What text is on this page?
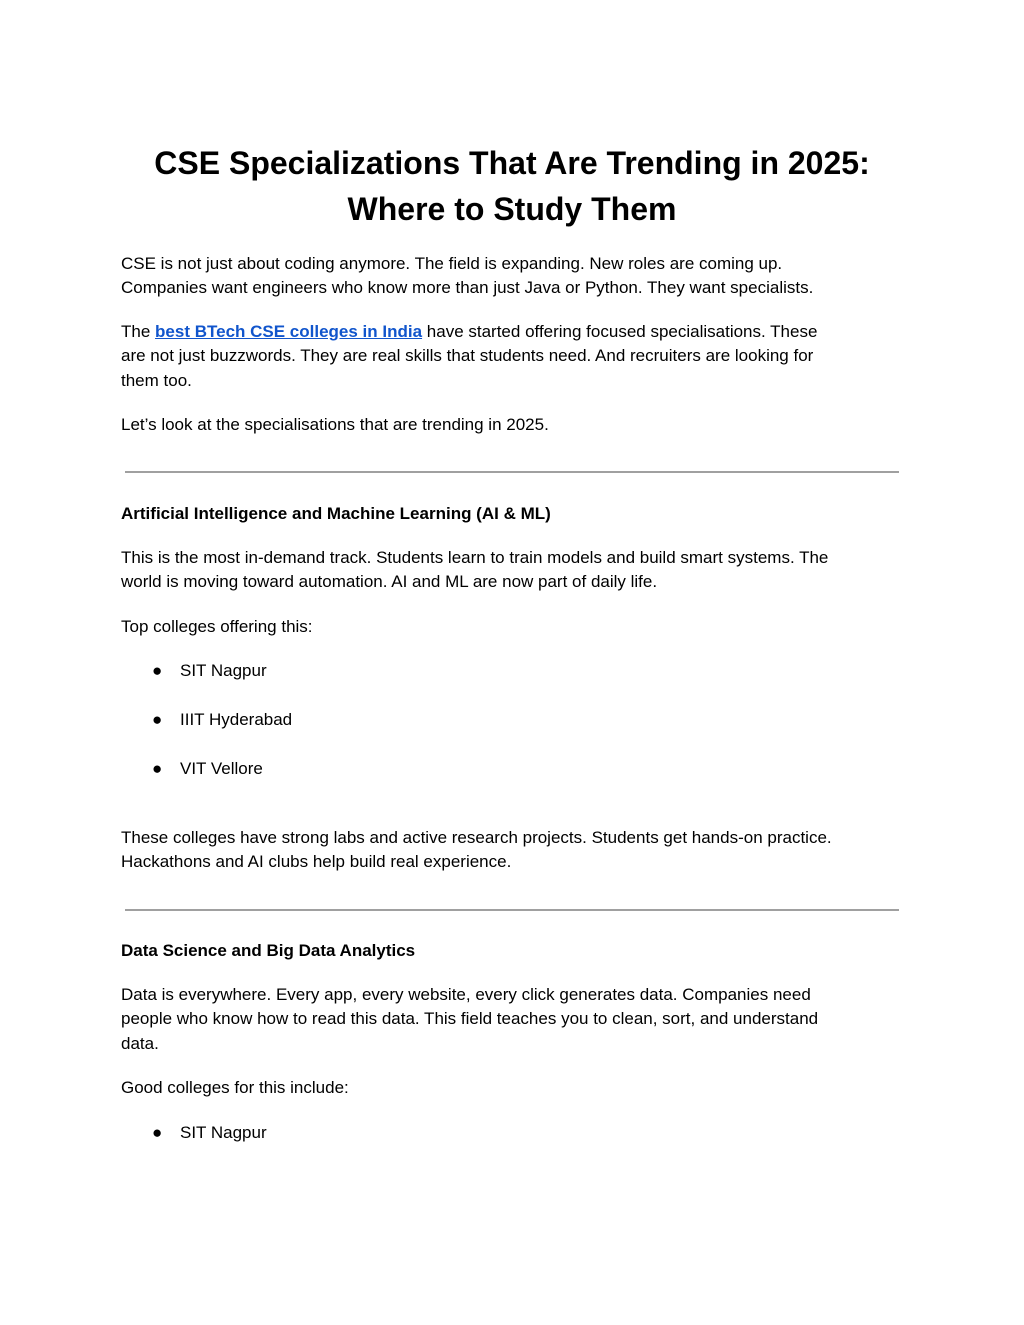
CSE Specializations That Are Trending in 2025:
Where to Study Them

CSE is not just about coding anymore. The field is expanding. New roles are coming up.
Companies want engineers who know more than just Java or Python. They want specialists.

The best BTech CSE colleges in India have started offering focused specialisations. These
are not just buzzwords. They are real skills that students need. And recruiters are looking for
them too.

Let’s look at the specialisations that are trending in 2025.

Artificial Intelligence and Machine Learning (AI & ML)

This is the most in-demand track. Students learn to train models and build smart systems. The
world is moving toward automation. AI and ML are now part of daily life.

Top colleges offering this:

● SIT Nagpur
● IIIT Hyderabad
● VIT Vellore

These colleges have strong labs and active research projects. Students get hands-on practice.
Hackathons and AI clubs help build real experience.

Data Science and Big Data Analytics

Data is everywhere. Every app, every website, every click generates data. Companies need
people who know how to read this data. This field teaches you to clean, sort, and understand
data.

Good colleges for this include:

● SIT Nagpur
